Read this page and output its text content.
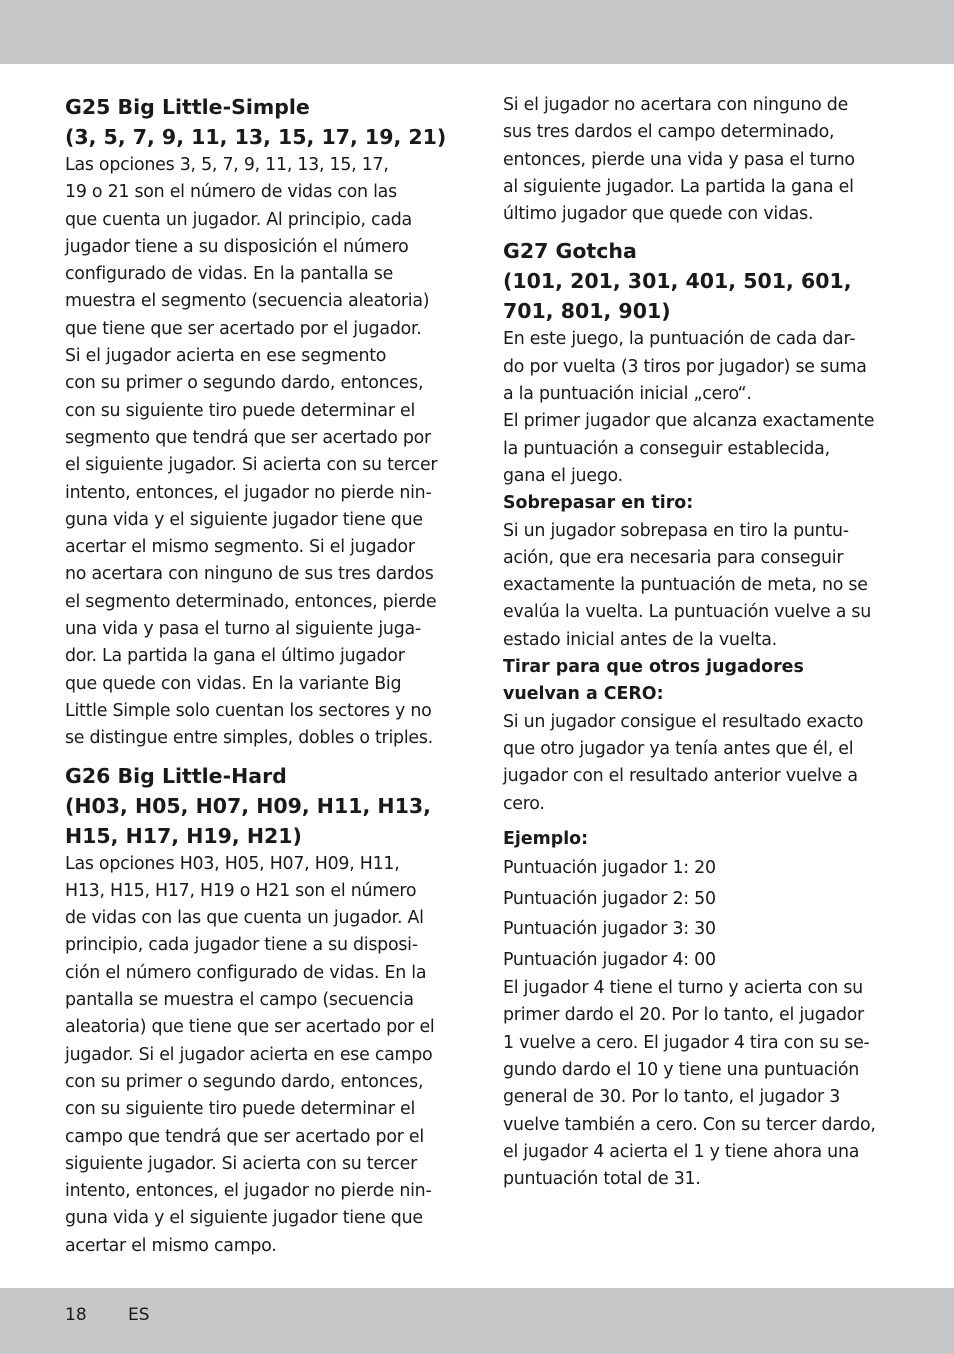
G25 Big Little-Simple
(3, 5, 7, 9, 11, 13, 15, 17, 19, 21)

Las opciones 3, 5, 7, 9, 11, 13, 15, 17,
19 o 21 son el número de vidas con las
que cuenta un jugador. Al principio, cada
jugador tiene a su disposición el número
configurado de vidas. En la pantalla se
muestra el segmento (secuencia aleatoria)
que tiene que ser acertado por el jugador.
Si el jugador acierta en ese segmento
con su primer o segundo dardo, entonces,
con su siguiente tiro puede determinar el
segmento que tendrá que ser acertado por
el siguiente jugador. Si acierta con su tercer
intento, entonces, el jugador no pierde nin-
guna vida y el siguiente jugador tiene que
acertar el mismo segmento. Si el jugador
no acertara con ninguno de sus tres dardos
el segmento determinado, entonces, pierde
una vida y pasa el turno al siguiente juga-
dor. La partida la gana el último jugador
que quede con vidas. En la variante Big
Little Simple solo cuentan los sectores y no
se distingue entre simples, dobles o triples.

G26 Big Little-Hard
(H03, H05, H07, H09, H11, H13,
H15, H17, H19, H21)

Las opciones H03, H05, H07, H09, H11,
H13, H15, H17, H19 o H21 son el número
de vidas con las que cuenta un jugador. Al
principio, cada jugador tiene a su disposi-
ción el número configurado de vidas. En la
pantalla se muestra el campo (secuencia
aleatoria) que tiene que ser acertado por el
jugador. Si el jugador acierta en ese campo
con su primer o segundo dardo, entonces,
con su siguiente tiro puede determinar el
campo que tendrá que ser acertado por el
siguiente jugador. Si acierta con su tercer
intento, entonces, el jugador no pierde nin-
guna vida y el siguiente jugador tiene que
acertar el mismo campo.

Si el jugador no acertara con ninguno de
sus tres dardos el campo determinado,
entonces, pierde una vida y pasa el turno
al siguiente jugador. La partida la gana el
último jugador que quede con vidas.

G27 Gotcha
(101, 201, 301, 401, 501, 601,
701, 801, 901)

En este juego, la puntuación de cada dar-
do por vuelta (3 tiros por jugador) se suma
a la puntuación inicial „cero“.
El primer jugador que alcanza exactamente
la puntuación a conseguir establecida,
gana el juego.

Sobrepasar en tiro:

Si un jugador sobrepasa en tiro la puntu-
ación, que era necesaria para conseguir
exactamente la puntuación de meta, no se
evalúa la vuelta. La puntuación vuelve a su
estado inicial antes de la vuelta.

Tirar para que otros jugadores
vuelvan a CERO:

Si un jugador consigue el resultado exacto
que otro jugador ya tenía antes que él, el
jugador con el resultado anterior vuelve a
cero.

Ejemplo:
Puntuación jugador 1: 20
Puntuación jugador 2: 50
Puntuación jugador 3: 30
Puntuación jugador 4: 00

El jugador 4 tiene el turno y acierta con su
primer dardo el 20. Por lo tanto, el jugador
1 vuelve a cero. El jugador 4 tira con su se-
gundo dardo el 10 y tiene una puntuación
general de 30. Por lo tanto, el jugador 3
vuelve también a cero. Con su tercer dardo,
el jugador 4 acierta el 1 y tiene ahora una
puntuación total de 31.

18 ES
